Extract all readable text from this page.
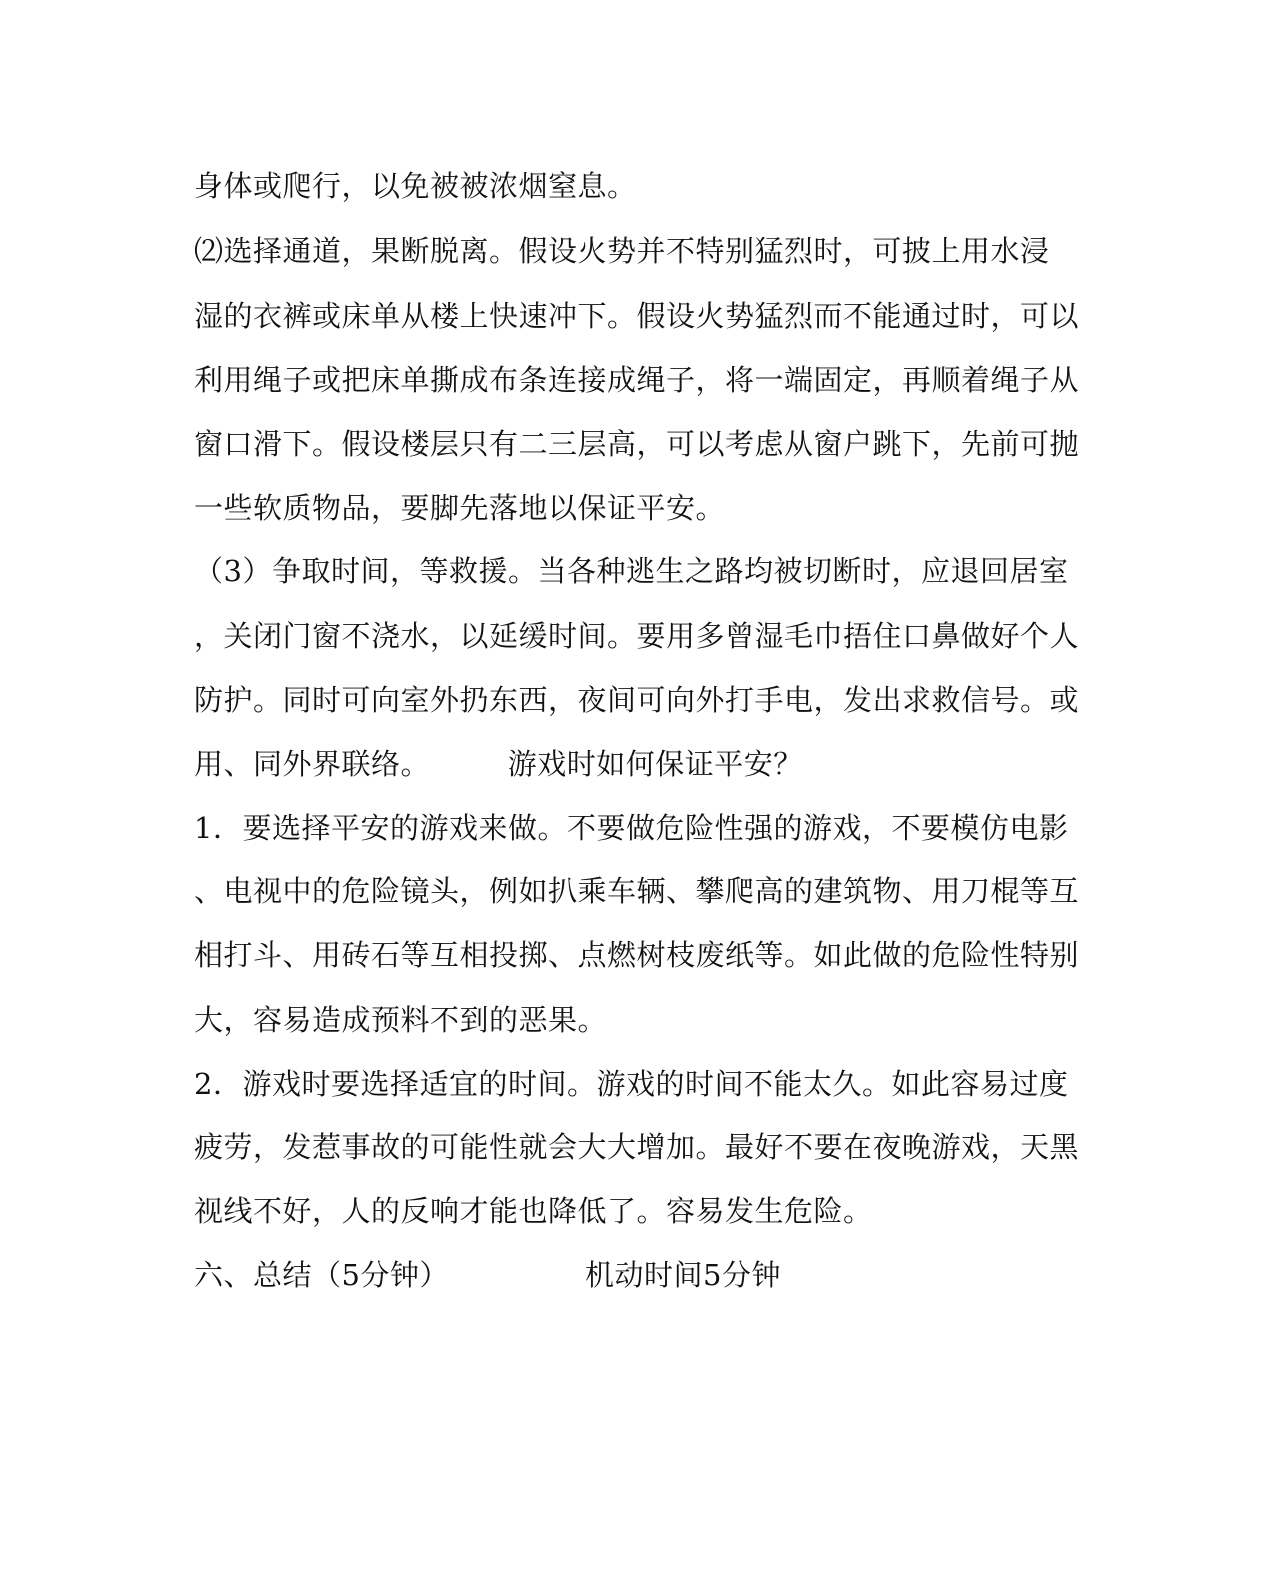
身体或爬行，以免被被浓烟窒息。
⑵选择通道，果断脱离。假设火势并不特别猛烈时，可披上用水浸
湿的衣裤或床单从楼上快速冲下。假设火势猛烈而不能通过时，可以
利用绳子或把床单撕成布条连接成绳子，将一端固定，再顺着绳子从
窗口滑下。假设楼层只有二三层高，可以考虑从窗户跳下，先前可抛
一些软质物品，要脚先落地以保证平安。
（3）争取时间，等救援。当各种逃生之路均被切断时，应退回居室
，关闭门窗不浇水，以延缓时间。要用多曾湿毛巾捂住口鼻做好个人
防护。同时可向室外扔东西，夜间可向外打手电，发出求救信号。或
用、同外界联络。        游戏时如何保证平安？
1．要选择平安的游戏来做。不要做危险性强的游戏，不要模仿电影
、电视中的危险镜头，例如扒乘车辆、攀爬高的建筑物、用刀棍等互
相打斗、用砖石等互相投掷、点燃树枝废纸等。如此做的危险性特别
大，容易造成预料不到的恶果。
2．游戏时要选择适宜的时间。游戏的时间不能太久。如此容易过度
疲劳，发惹事故的可能性就会大大增加。最好不要在夜晚游戏，天黑
视线不好，人的反响才能也降低了。容易发生危险。
六、总结（5分钟）              机动时间5分钟
